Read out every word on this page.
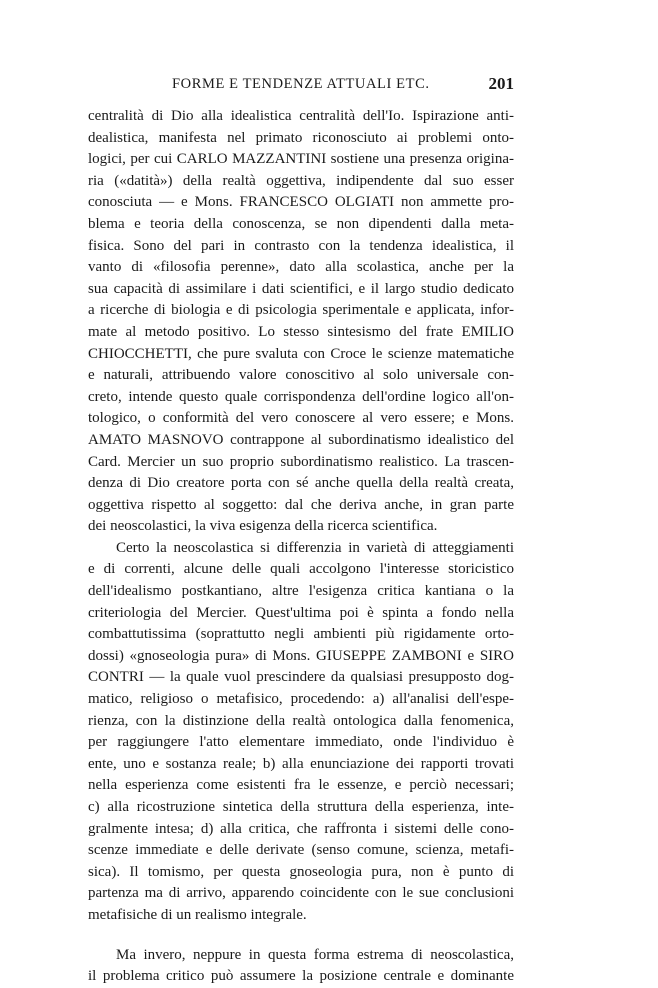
FORME E TENDENZE ATTUALI ETC.	201
centralità di Dio alla idealistica centralità dell'Io. Ispirazione anti-
dealistica, manifesta nel primato riconosciuto ai problemi onto-
logici, per cui CARLO MAZZANTINI sostiene una presenza origina-
ria («datità») della realtà oggettiva, indipendente dal suo esser
conosciuta — e Mons. FRANCESCO OLGIATI non ammette pro-
blema e teoria della conoscenza, se non dipendenti dalla meta-
fisica. Sono del pari in contrasto con la tendenza idealistica, il
vanto di «filosofia perenne», dato alla scolastica, anche per la
sua capacità di assimilare i dati scientifici, e il largo studio dedicato
a ricerche di biologia e di psicologia sperimentale e applicata, infor-
mate al metodo positivo. Lo stesso sintesismo del frate EMILIO
CHIOCCHETTI, che pure svaluta con Croce le scienze matematiche
e naturali, attribuendo valore conoscitivo al solo universale con-
creto, intende questo quale corrispondenza dell'ordine logico all'on-
tologico, o conformità del vero conoscere al vero essere; e Mons.
AMATO MASNOVO contrappone al subordinatismo idealistico del
Card. Mercier un suo proprio subordinatismo realistico. La trascen-
denza di Dio creatore porta con sé anche quella della realtà creata,
oggettiva rispetto al soggetto: dal che deriva anche, in gran parte
dei neoscolastici, la viva esigenza della ricerca scientifica.
Certo la neoscolastica si differenzia in varietà di atteggiamenti
e di correnti, alcune delle quali accolgono l'interesse storicistico
dell'idealismo postkantiano, altre l'esigenza critica kantiana o la
criteriologia del Mercier. Quest'ultima poi è spinta a fondo nella
combattutissima (soprattutto negli ambienti più rigidamente orto-
dossi) «gnoseologia pura» di Mons. GIUSEPPE ZAMBONI e SIRO
CONTRI — la quale vuol prescindere da qualsiasi presupposto dog-
matico, religioso o metafisico, procedendo: a) all'analisi dell'espe-
rienza, con la distinzione della realtà ontologica dalla fenomenica,
per raggiungere l'atto elementare immediato, onde l'individuo è
ente, uno e sostanza reale; b) alla enunciazione dei rapporti trovati
nella esperienza come esistenti fra le essenze, e perciò necessari;
c) alla ricostruzione sintetica della struttura della esperienza, inte-
gralmente intesa; d) alla critica, che raffronta i sistemi delle cono-
scenze immediate e delle derivate (senso comune, scienza, metafi-
sica). Il tomismo, per questa gnoseologia pura, non è punto di
partenza ma di arrivo, apparendo coincidente con le sue conclusioni
metafisiche di un realismo integrale.
Ma invero, neppure in questa forma estrema di neoscolastica,
il problema critico può assumere la posizione centrale e dominante
